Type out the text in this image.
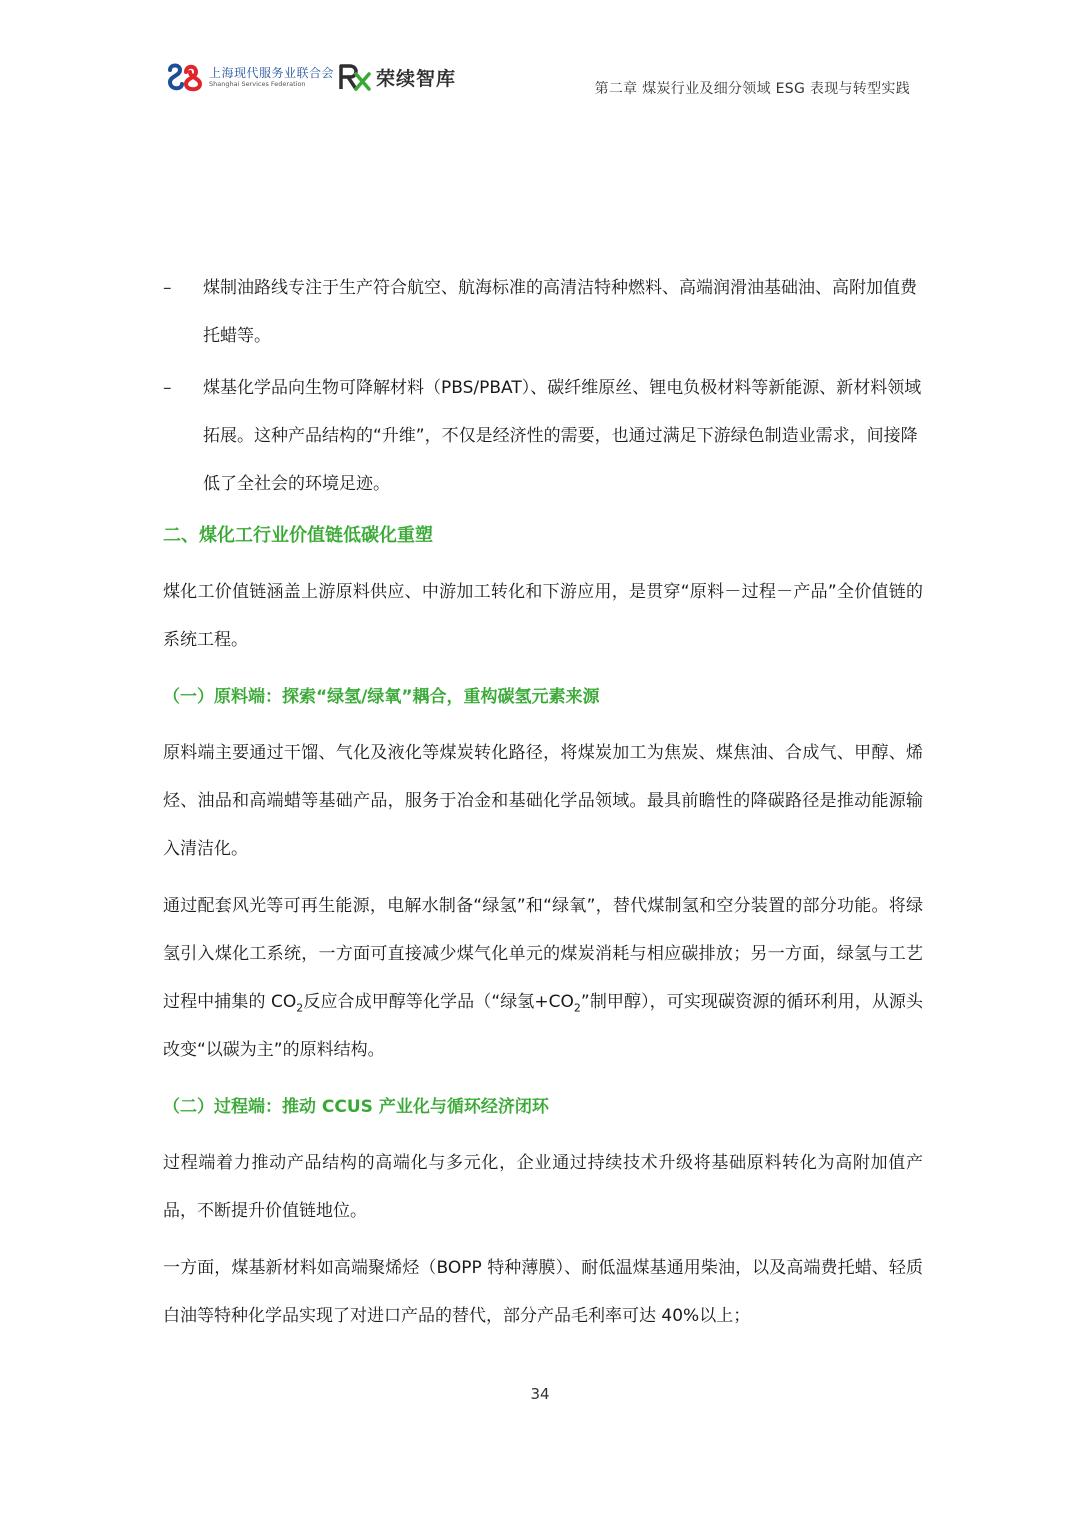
上海现代服务业联合会
Shanghai Services Federation	荣续智库	第二章 煤炭行业及细分领域 ESG 表现与转型实践
–	煤制油路线专注于生产符合航空、航海标准的高清洁特种燃料、高端润滑油基础油、高附加值费托蜡等。
–	煤基化学品向生物可降解材料（PBS/PBAT）、碳纤维原丝、锂电负极材料等新能源、新材料领域拓展。这种产品结构的“升维”，不仅是经济性的需要，也通过满足下游绿色制造业需求，间接降低了全社会的环境足迹。
二、煤化工行业价值链低碳化重塑

煤化工价值链涵盖上游原料供应、中游加工转化和下游应用，是贯穿“原料－过程－产品”全价值链的系统工程。

（一）原料端：探索“绿氢/绿氧”耦合，重构碳氢元素来源

原料端主要通过干馏、气化及液化等煤炭转化路径，将煤炭加工为焦炭、煤焦油、合成气、甲醇、烯烃、油品和高端蜡等基础产品，服务于冶金和基础化学品领域。最具前瞻性的降碳路径是推动能源输入清洁化。

通过配套风光等可再生能源，电解水制备“绿氢”和“绿氧”，替代煤制氢和空分装置的部分功能。将绿氢引入煤化工系统，一方面可直接减少煤气化单元的煤炭消耗与相应碳排放；另一方面，绿氢与工艺过程中捕集的 $CO_2$反应合成甲醇等化学品（“绿氢$+CO_2$”制甲醇），可实现碳资源的循环利用，从源头改变“以碳为主”的原料结构。

（二）过程端：推动 CCUS 产业化与循环经济闭环

过程端着力推动产品结构的高端化与多元化，企业通过持续技术升级将基础原料转化为高附加值产品，不断提升价值链地位。

一方面，煤基新材料如高端聚烯烃（BOPP 特种薄膜）、耐低温煤基通用柴油，以及高端费托蜡、轻质白油等特种化学品实现了对进口产品的替代，部分产品毛利率可达 40%以上；

34
